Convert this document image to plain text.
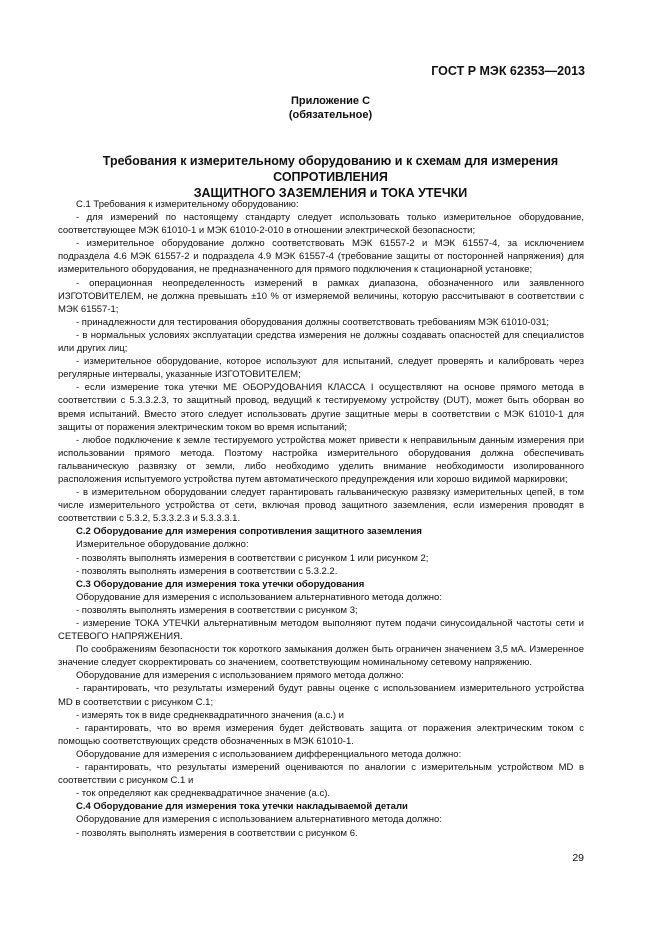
ГОСТ Р МЭК 62353—2013
Приложение С
(обязательное)
Требования к измерительному оборудованию и к схемам для измерения СОПРОТИВЛЕНИЯ
ЗАЩИТНОГО ЗАЗЕМЛЕНИЯ и ТОКА УТЕЧКИ

С.1 Требования к измерительному оборудованию:

- для измерений по настоящему стандарту следует использовать только измерительное оборудование, соответствующее МЭК 61010-1 и МЭК 61010-2-010 в отношении электрической безопасности;

- измерительное оборудование должно соответствовать МЭК 61557-2 и МЭК 61557-4, за исключением подраздела 4.6 МЭК 61557-2 и подраздела 4.9 МЭК 61557-4 (требование защиты от посторонней напряжения) для измерительного оборудования, не предназначенного для прямого подключения к стационарной установке;

- операционная неопределенность измерений в рамках диапазона, обозначенного или заявленного ИЗГОТОВИТЕЛЕМ, не должна превышать ±10 % от измеряемой величины, которую рассчитывают в соответствии с МЭК 61557-1;

- принадлежности для тестирования оборудования должны соответствовать требованиям МЭК 61010-031;

- в нормальных условиях эксплуатации средства измерения не должны создавать опасностей для специалистов или других лиц;

- измерительное оборудование, которое используют для испытаний, следует проверять и калибровать через регулярные интервалы, указанные ИЗГОТОВИТЕЛЕМ;

- если измерение тока утечки МЕ ОБОРУДОВАНИЯ КЛАССА I осуществляют на основе прямого метода в соответствии с 5.3.3.2.3, то защитный провод, ведущий к тестируемому устройству (DUT), может быть оборван во время испытаний. Вместо этого следует использовать другие защитные меры в соответствии с МЭК 61010-1 для защиты от поражения электрическим током во время испытаний;

- любое подключение к земле тестируемого устройства может привести к неправильным данным измерения при использовании прямого метода. Поэтому настройка измерительного оборудования должна обеспечивать гальваническую развязку от земли, либо необходимо уделить внимание необходимости изолированного расположения испытуемого устройства путем автоматического предупреждения или хорошо видимой маркировки;

- в измерительном оборудовании следует гарантировать гальваническую развязку измерительных цепей, в том числе измерительного устройства от сети, включая провод защитного заземления, если измерения проводят в соответствии с 5.3.2, 5.3.3.2.3 и 5.3.3.3.1.

С.2 Оборудование для измерения сопротивления защитного заземления

Измерительное оборудование должно:

- позволять выполнять измерения в соответствии с рисунком 1 или рисунком 2;

- позволять выполнять измерения в соответствии с 5.3.2.2.

С.3 Оборудование для измерения тока утечки оборудования

Оборудование для измерения с использованием альтернативного метода должно:

- позволять выполнять измерения в соответствии с рисунком 3;

- измерение ТОКА УТЕЧКИ альтернативным методом выполняют путем подачи синусоидальной частоты сети и СЕТЕВОГО НАПРЯЖЕНИЯ.

По соображениям безопасности ток короткого замыкания должен быть ограничен значением 3,5 мА. Измеренное значение следует скорректировать со значением, соответствующим номинальному сетевому напряжению.

Оборудование для измерения с использованием прямого метода должно:

- гарантировать, что результаты измерений будут равны оценке с использованием измерительного устройства MD в соответствии с рисунком С.1;

- измерять ток в виде среднеквадратичного значения (а.с.) и

- гарантировать, что во время измерения будет действовать защита от поражения электрическим током с помощью соответствующих средств обозначенных в МЭК 61010-1.

Оборудование для измерения с использованием дифференциального метода должно:

- гарантировать, что результаты измерений оцениваются по аналогии с измерительным устройством MD в соответствии с рисунком С.1 и

- ток определяют как среднеквадратичное значение (а.с).

С.4 Оборудование для измерения тока утечки накладываемой детали

Оборудование для измерения с использованием альтернативного метода должно:

- позволять выполнять измерения в соответствии с рисунком 6.

29
